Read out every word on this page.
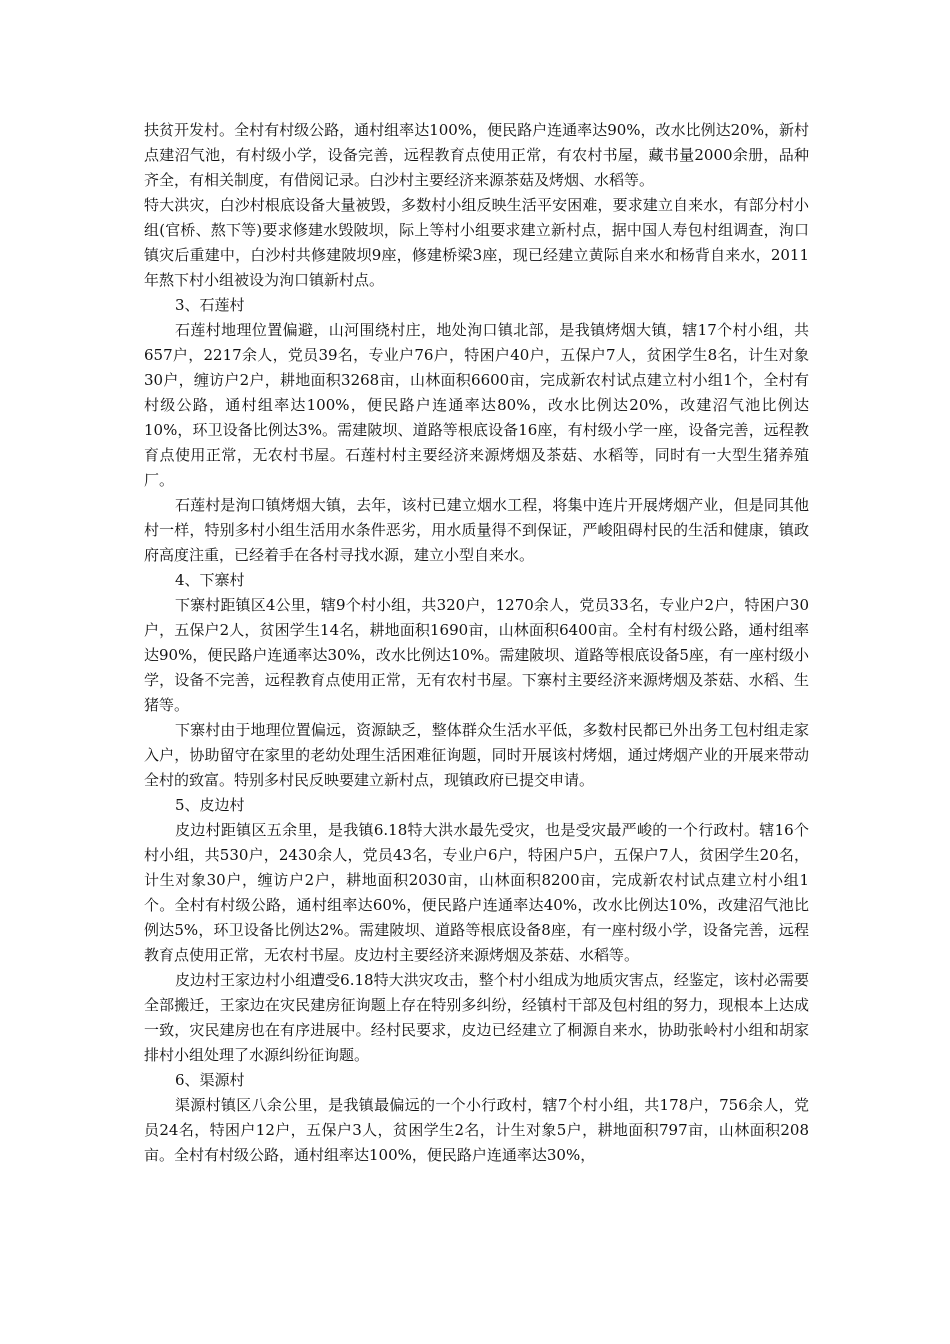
扶贫开发村。全村有村级公路，通村组率达100%，便民路户连通率达90%，改水比例达20%，新村点建沼气池，有村级小学，设备完善，远程教育点使用正常，有农村书屋，藏书量2000余册，品种齐全，有相关制度，有借阅记录。白沙村主要经济来源茶菇及烤烟、水稻等。

特大洪灾，白沙村根底设备大量被毁，多数村小组反映生活平安困难，要求建立自来水，有部分村小组(官桥、熬下等)要求修建水毁陂坝，际上等村小组要求建立新村点，据中国人寿包村组调查，洵口镇灾后重建中，白沙村共修建陂坝9座，修建桥梁3座，现已经建立黄际自来水和杨背自来水，2011年熬下村小组被设为洵口镇新村点。

3、石莲村

石莲村地理位置偏避，山河围绕村庄，地处洵口镇北部，是我镇烤烟大镇，辖17个村小组，共657户，2217余人，党员39名，专业户76户，特困户40户，五保户7人，贫困学生8名，计生对象30户，缠访户2户，耕地面积3268亩，山林面积6600亩，完成新农村试点建立村小组1个，全村有村级公路，通村组率达100%，便民路户连通率达80%，改水比例达20%，改建沼气池比例达10%，环卫设备比例达3%。需建陂坝、道路等根底设备16座，有村级小学一座，设备完善，远程教育点使用正常，无农村书屋。石莲村村主要经济来源烤烟及茶菇、水稻等，同时有一大型生猪养殖厂。

石莲村是洵口镇烤烟大镇，去年，该村已建立烟水工程，将集中连片开展烤烟产业，但是同其他村一样，特别多村小组生活用水条件恶劣，用水质量得不到保证，严峻阻碍村民的生活和健康，镇政府高度注重，已经着手在各村寻找水源，建立小型自来水。

4、下寨村

下寨村距镇区4公里，辖9个村小组，共320户，1270余人，党员33名，专业户2户，特困户30户，五保户2人，贫困学生14名，耕地面积1690亩，山林面积6400亩。全村有村级公路，通村组率达90%，便民路户连通率达30%，改水比例达10%。需建陂坝、道路等根底设备5座，有一座村级小学，设备不完善，远程教育点使用正常，无有农村书屋。下寨村主要经济来源烤烟及茶菇、水稻、生猪等。

下寨村由于地理位置偏远，资源缺乏，整体群众生活水平低，多数村民都已外出务工包村组走家入户，协助留守在家里的老幼处理生活困难征询题，同时开展该村烤烟，通过烤烟产业的开展来带动全村的致富。特别多村民反映要建立新村点，现镇政府已提交申请。

5、皮边村

皮边村距镇区五余里，是我镇6.18特大洪水最先受灾，也是受灾最严峻的一个行政村。辖16个村小组，共530户，2430余人，党员43名，专业户6户，特困户5户，五保户7人，贫困学生20名，计生对象30户，缠访户2户，耕地面积2030亩，山林面积8200亩，完成新农村试点建立村小组1个。全村有村级公路，通村组率达60%，便民路户连通率达40%，改水比例达10%，改建沼气池比例达5%，环卫设备比例达2%。需建陂坝、道路等根底设备8座，有一座村级小学，设备完善，远程教育点使用正常，无农村书屋。皮边村主要经济来源烤烟及茶菇、水稻等。

皮边村王家边村小组遭受6.18特大洪灾攻击，整个村小组成为地质灾害点，经鉴定，该村必需要全部搬迁，王家边在灾民建房征询题上存在特别多纠纷，经镇村干部及包村组的努力，现根本上达成一致，灾民建房也在有序进展中。经村民要求，皮边已经建立了桐源自来水，协助张岭村小组和胡家排村小组处理了水源纠纷征询题。

6、渠源村

渠源村镇区八余公里，是我镇最偏远的一个小行政村，辖7个村小组，共178户，756余人，党员24名，特困户12户，五保户3人，贫困学生2名，计生对象5户，耕地面积797亩，山林面积208亩。全村有村级公路，通村组率达100%，便民路户连通率达30%，
